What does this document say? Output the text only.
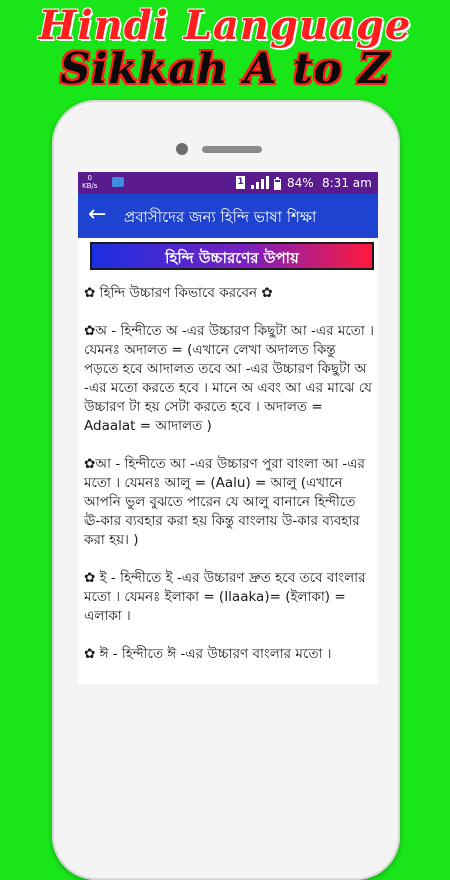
Hindi Language
Sikkah A to Z
0
KB/s	1	84% 8:31 am
← প্রবাসীদের জন্য হিন্দি ভাষা শিক্ষা
হিন্দি উচ্চারণের উপায়

✿ হিন্দি উচ্চারণ কিভাবে করবেন ✿

✿অ - হিন্দীতে অ -এর উচ্চারণ কিছুটা আ -এর মতো । যেমনঃ অদালত = (এখানে লেখা অদালত কিন্তু পড়তে হবে আদালত তবে আ -এর উচ্চারণ কিছুটা অ -এর মতো করতে হবে । মানে অ এবং আ এর মাঝে যে উচ্চারণ টা হয় সেটা করতে হবে । অদালত = Adaalat = আদালত )

✿আ - হিন্দীতে আ -এর উচ্চারণ পুরা বাংলা আ -এর মতো । যেমনঃ আলু = (Aalu) = আলু (এখানে আপনি ভুল বুঝতে পারেন যে আলু বানানে হিন্দীতে ঊ-কার ব্যবহার করা হয় কিন্তু বাংলায় উ-কার ব্যবহার করা হয়। )

✿ ই - হিন্দীতে ই -এর উচ্চারণ দ্রুত হবে তবে বাংলার মতো । যেমনঃ ইলাকা = (Ilaaka)= (ইলাকা) = এলাকা ।

✿ ঈ - হিন্দীতে ঈ -এর উচ্চারণ বাংলার মতো ।
